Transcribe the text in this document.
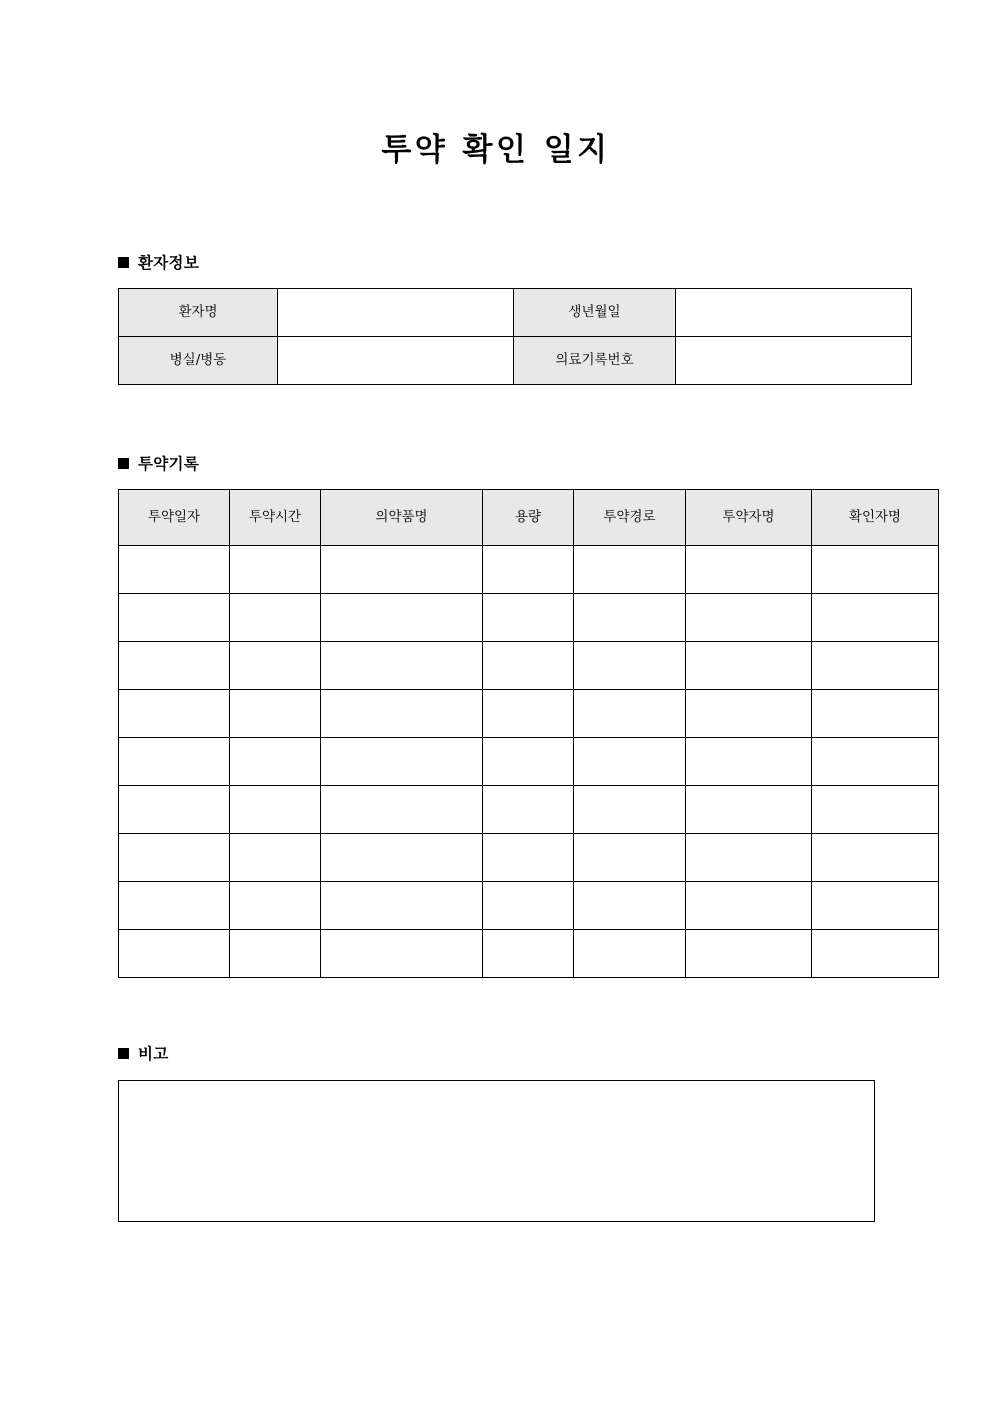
투약 확인 일지
환자정보
환자명		생년월일	
병실/병동		의료기록번호	
투약기록
투약일자	투약시간	의약품명	용량	투약경로	투약자명	확인자명

비고
